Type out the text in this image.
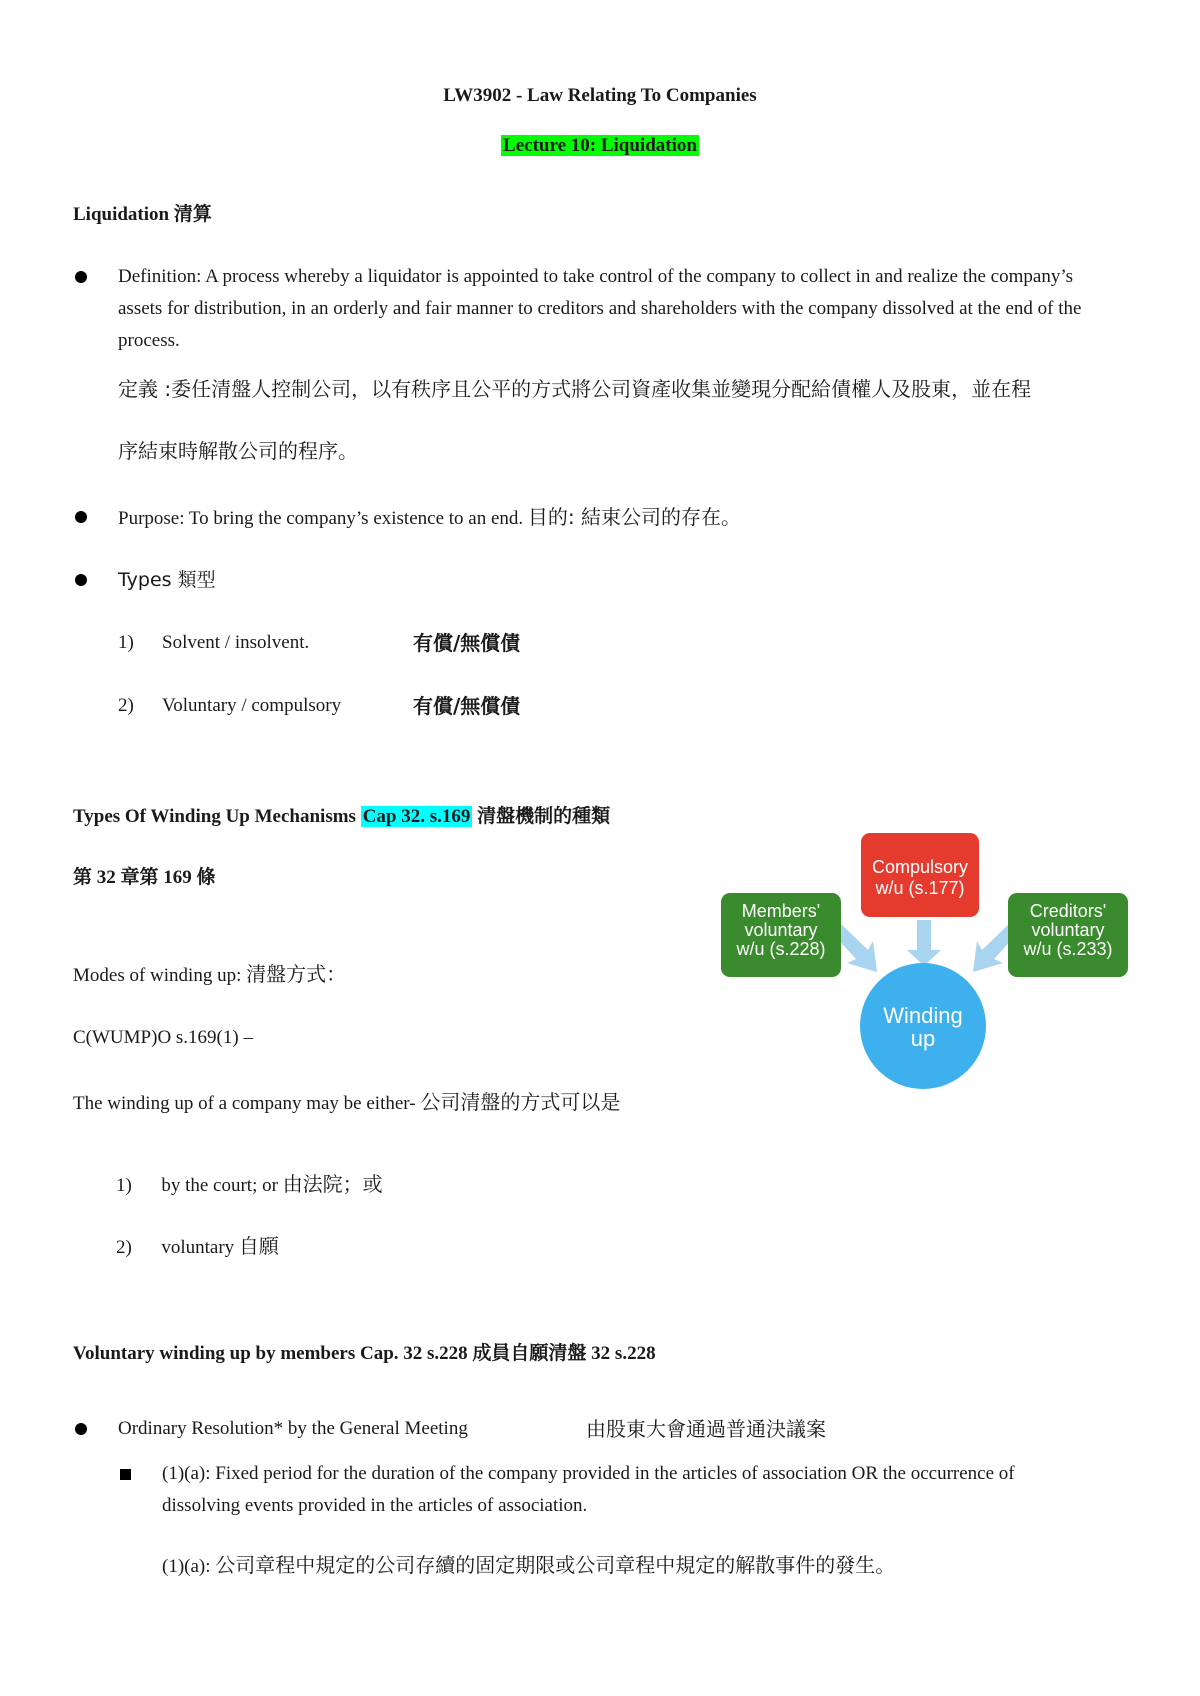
LW3902 - Law Relating To Companies
Lecture 10: Liquidation
Liquidation 清算
Definition: A process whereby a liquidator is appointed to take control of the company to collect in and realize the company’s assets for distribution, in an orderly and fair manner to creditors and shareholders with the company dissolved at the end of the process.
定義 :委任清盤人控制公司，以有秩序且公平的方式將公司資產收集並變現分配給債權人及股東，並在程
序結束時解散公司的程序。
Purpose: To bring the company’s existence to an end. 目的: 結束公司的存在。
Types 類型
1) Solvent / insolvent.	有償/無償債
2) Voluntary / compulsory	有償/無償債
Types Of Winding Up Mechanisms Cap 32. s.169 清盤機制的種類
第 32 章第 169 條
Modes of winding up: 清盤方式：
C(WUMP)O s.169(1) –
The winding up of a company may be either- 公司清盤的方式可以是
1) by the court; or 由法院；或
2) voluntary 自願
Compulsory
w/u (s.177)
Members'
voluntary
w/u (s.228)
Creditors'
voluntary
w/u (s.233)
Winding
up
Voluntary winding up by members Cap. 32 s.228 成員自願清盤 32 s.228
Ordinary Resolution* by the General Meeting	由股東大會通過普通決議案
(1)(a): Fixed period for the duration of the company provided in the articles of association OR the occurrence of dissolving events provided in the articles of association.
(1)(a): 公司章程中規定的公司存續的固定期限或公司章程中規定的解散事件的發生。
